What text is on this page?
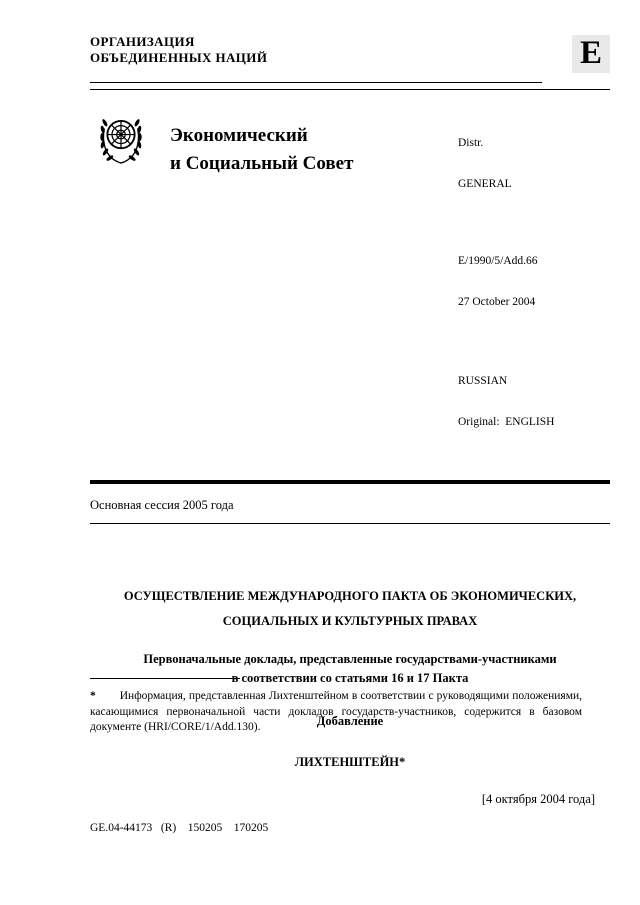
ОРГАНИЗАЦИЯ
ОБЪЕДИНЕННЫХ НАЦИЙ	E
Экономический
и Социальный Совет

Distr.

GENERAL

E/1990/5/Add.66

27 October 2004

RUSSIAN

Original:  ENGLISH

Основная сессия 2005 года
ОСУЩЕСТВЛЕНИЕ МЕЖДУНАРОДНОГО ПАКТА ОБ ЭКОНОМИЧЕСКИХ,
СОЦИАЛЬНЫХ И КУЛЬТУРНЫХ ПРАВАХ
Первоначальные доклады, представленные государствами-участниками
в соответствии со статьями 16 и 17 Пакта
Добавление
ЛИХТЕНШТЕЙН*
[4 октября 2004 года]

* Информация, представленная Лихтенштейном в соответствии с руководящими положениями, касающимися первоначальной части докладов государств-участников, содержится в базовом документе (HRI/CORE/1/Add.130).

GE.04-44173   (R)    150205    170205
